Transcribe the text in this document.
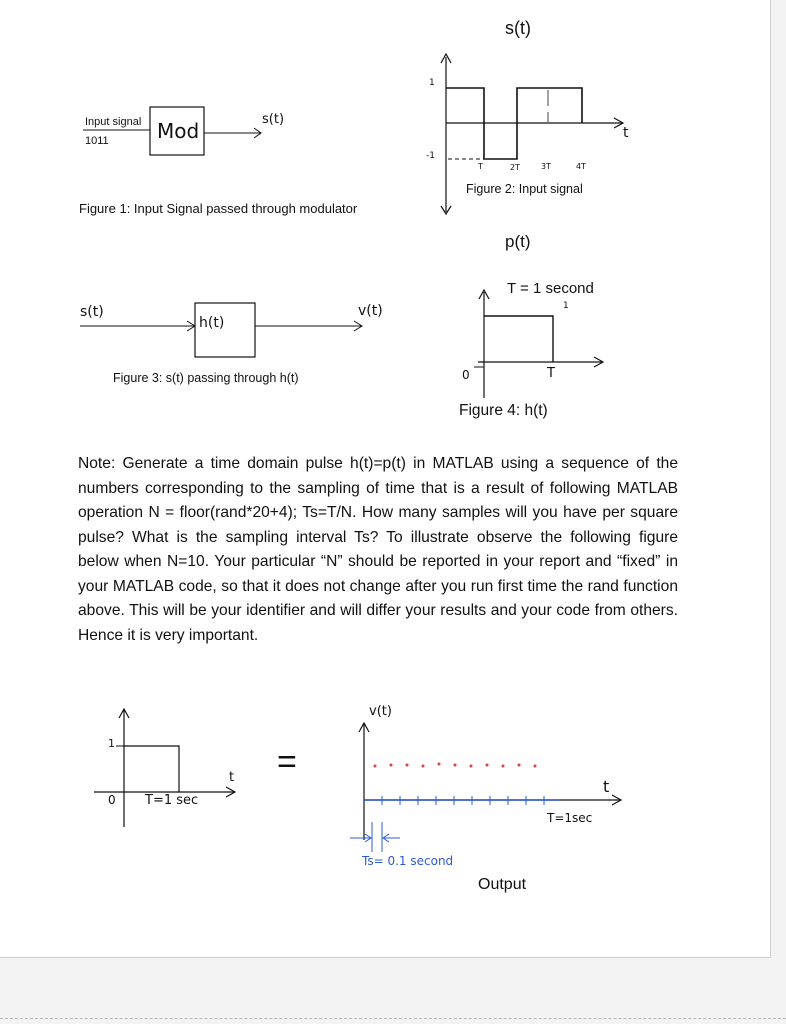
Input signal
1011 Mod	s(t)
Figure 1: Input Signal passed through modulator
s(t)
1
-1
t
T	2T	3T	4T
Figure 2: Input signal
s(t)
h(t)
v(t)
Figure 3: s(t) passing through h(t)
p(t)
T = 1 second
1
0	T
Figure 4: h(t)
Note: Generate a time domain pulse h(t)=p(t) in MATLAB using a sequence of the numbers corresponding to the sampling of time that is a result of following MATLAB operation N = floor(rand*20+4); Ts=T/N. How many samples will you have per square pulse? What is the sampling interval Ts? To illustrate observe the following figure below when N=10. Your particular “N” should be reported in your report and “fixed” in your MATLAB code, so that it does not change after you run first time the rand function above. This will be your identifier and will differ your results and your code from others. Hence it is very important.
1
0 T=1 sec
t =
v(t)
t
T=1sec
Ts= 0.1 second
Output
